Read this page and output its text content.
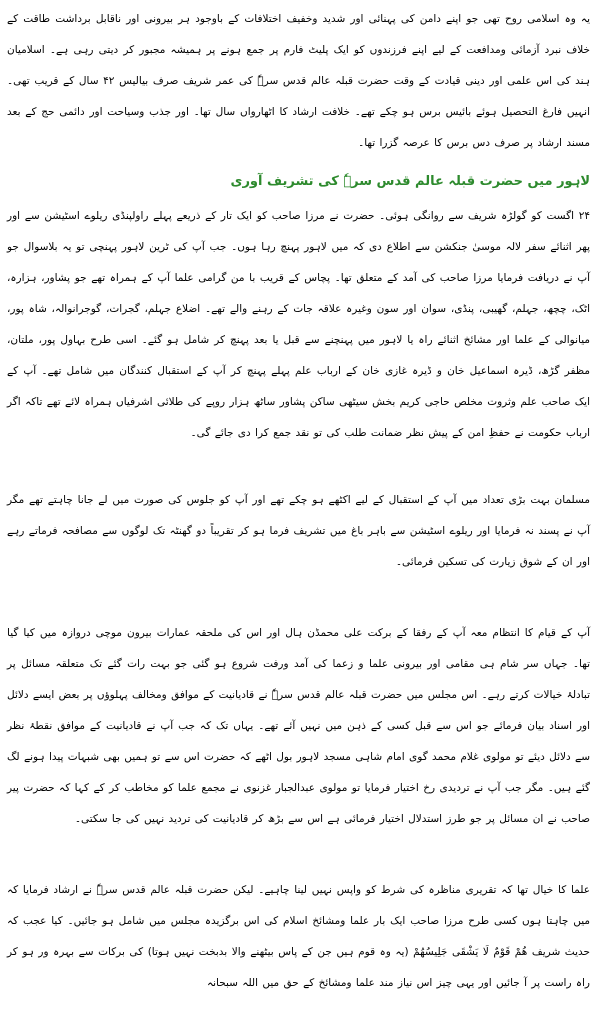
یہ وہ اسلامی روح تھی جو اپنے دامن کی پہنائی اور شدید وخفیف اختلافات کے باوجود ہر بیرونی اور ناقابل برداشت طاقت کے خلاف نبرد آزمائی ومدافعت کے لیے اپنے فرزندوں کو ایک پلیٹ فارم پر جمع ہونے پر ہمیشہ مجبور کر دیتی رہی ہے۔ اسلامیان ہند کی اس علمی اور دینی قیادت کے وقت حضرت قبلہ عالم قدس سرہٗ کی عمر شریف صرف بیالیس ۴۲ سال کے قریب تھی۔ انہیں فارغ التحصیل ہوئے بائیس برس ہو چکے تھے۔ خلافت ارشاد کا اٹھارواں سال تھا۔ اور جذب وسیاحت اور دائمی حج کے بعد مسند ارشاد پر صرف دس برس کا عرصہ گزرا تھا۔

لاہور میں حضرت قبلہ عالم قدس سرہٗ کی تشریف آوری

۲۴ اگست کو گولڑہ شریف سے روانگی ہوئی۔ حضرت نے مرزا صاحب کو ایک تار کے ذریعے پہلے راولپنڈی ریلوے اسٹیشن سے اور پھر اثنائے سفر لالہ موسیٰ جنکشن سے اطلاع دی کہ میں لاہور پہنچ رہا ہوں۔ جب آپ کی ٹرین لاہور پہنچی تو یہ بلاسوال جو آپ نے دریافت فرمایا مرزا صاحب کی آمد کے متعلق تھا۔ پچاس کے قریب با من گرامی علما آپ کے ہمراہ تھے جو پشاور، ہزارہ، اٹک، چچھ، جہلم، گھیبی، پنڈی، سوان اور سون وغیرہ علاقہ جات کے رہنے والے تھے۔ اضلاع جہلم، گجرات، گوجرانوالہ، شاہ پور، میانوالی کے علما اور مشائخ اثنائے راہ یا لاہور میں پہنچنے سے قبل یا بعد پہنچ کر شامل ہو گئے۔ اسی طرح بہاول پور، ملتان، مظفر گڑھ، ڈیرہ اسماعیل خان و ڈیرہ غازی خان کے ارباب علم پہلے پہنچ کر آپ کے استقبال کنندگان میں شامل تھے۔ آپ کے ایک صاحب علم وثروت مخلص حاجی کریم بخش سیٹھی ساکن پشاور ساٹھ ہزار روپے کی طلائی اشرفیاں ہمراہ لائے تھے تاکہ اگر ارباب حکومت نے حفظِ امن کے پیش نظر ضمانت طلب کی تو نقد جمع کرا دی جائے گی۔

مسلمان بہت بڑی تعداد میں آپ کے استقبال کے لیے اکٹھے ہو چکے تھے اور آپ کو جلوس کی صورت میں لے جانا چاہتے تھے مگر آپ نے پسند نہ فرمایا اور ریلوے اسٹیشن سے باہر باغ میں تشریف فرما ہو کر تقریباً دو گھنٹہ تک لوگوں سے مصافحہ فرماتے رہے اور ان کے شوق زیارت کی تسکین فرمائی۔

آپ کے قیام کا انتظام معہ آپ کے رفقا کے برکت علی محمڈن ہال اور اس کی ملحقہ عمارات بیرون موچی دروازہ میں کیا گیا تھا۔ جہاں سر شام ہی مقامی اور بیرونی علما و زعما کی آمد ورفت شروع ہو گئی جو بہت رات گئے تک متعلقہ مسائل پر تبادلۂ خیالات کرتے رہے۔ اس مجلس میں حضرت قبلہ عالم قدس سرہٗ نے قادیانیت کے موافق ومخالف پہلوؤں پر بعض ایسے دلائل اور اسناد بیان فرمائے جو اس سے قبل کسی کے ذہن میں نہیں آئے تھے۔ یہاں تک کہ جب آپ نے قادیانیت کے موافق نقطۂ نظر سے دلائل دیئے تو مولوی غلام محمد گوی امام شاہی مسجد لاہور بول اٹھے کہ حضرت اس سے تو ہمیں بھی شبہات پیدا ہونے لگ گئے ہیں۔ مگر جب آپ نے تردیدی رخ اختیار فرمایا تو مولوی عبدالجبار غزنوی نے مجمع علما کو مخاطب کر کے کہا کہ حضرت پیر صاحب نے ان مسائل پر جو طرز استدلال اختیار فرمائی ہے اس سے بڑھ کر قادیانیت کی تردید نہیں کی جا سکتی۔

علما کا خیال تھا کہ تقریری مناظرہ کی شرط کو واپس نہیں لینا چاہیے۔ لیکن حضرت قبلہ عالم قدس سرہٗ نے ارشاد فرمایا کہ میں چاہتا ہوں کسی طرح مرزا صاحب ایک بار علما ومشائخ اسلام کی اس برگزیدہ مجلس میں شامل ہو جائیں۔ کیا عجب کہ حدیث شریف هُمْ قَوْمٌ لَا يَشْقَى جَلِيسُهُمْ (یہ وہ قوم ہیں جن کے پاس بیٹھنے والا بدبخت نہیں ہوتا) کی برکات سے بہرہ ور ہو کر راہ راست پر آ جائیں اور یہی چیز اس نیاز مند علما ومشائخ کے حق میں اللہ سبحانہ
